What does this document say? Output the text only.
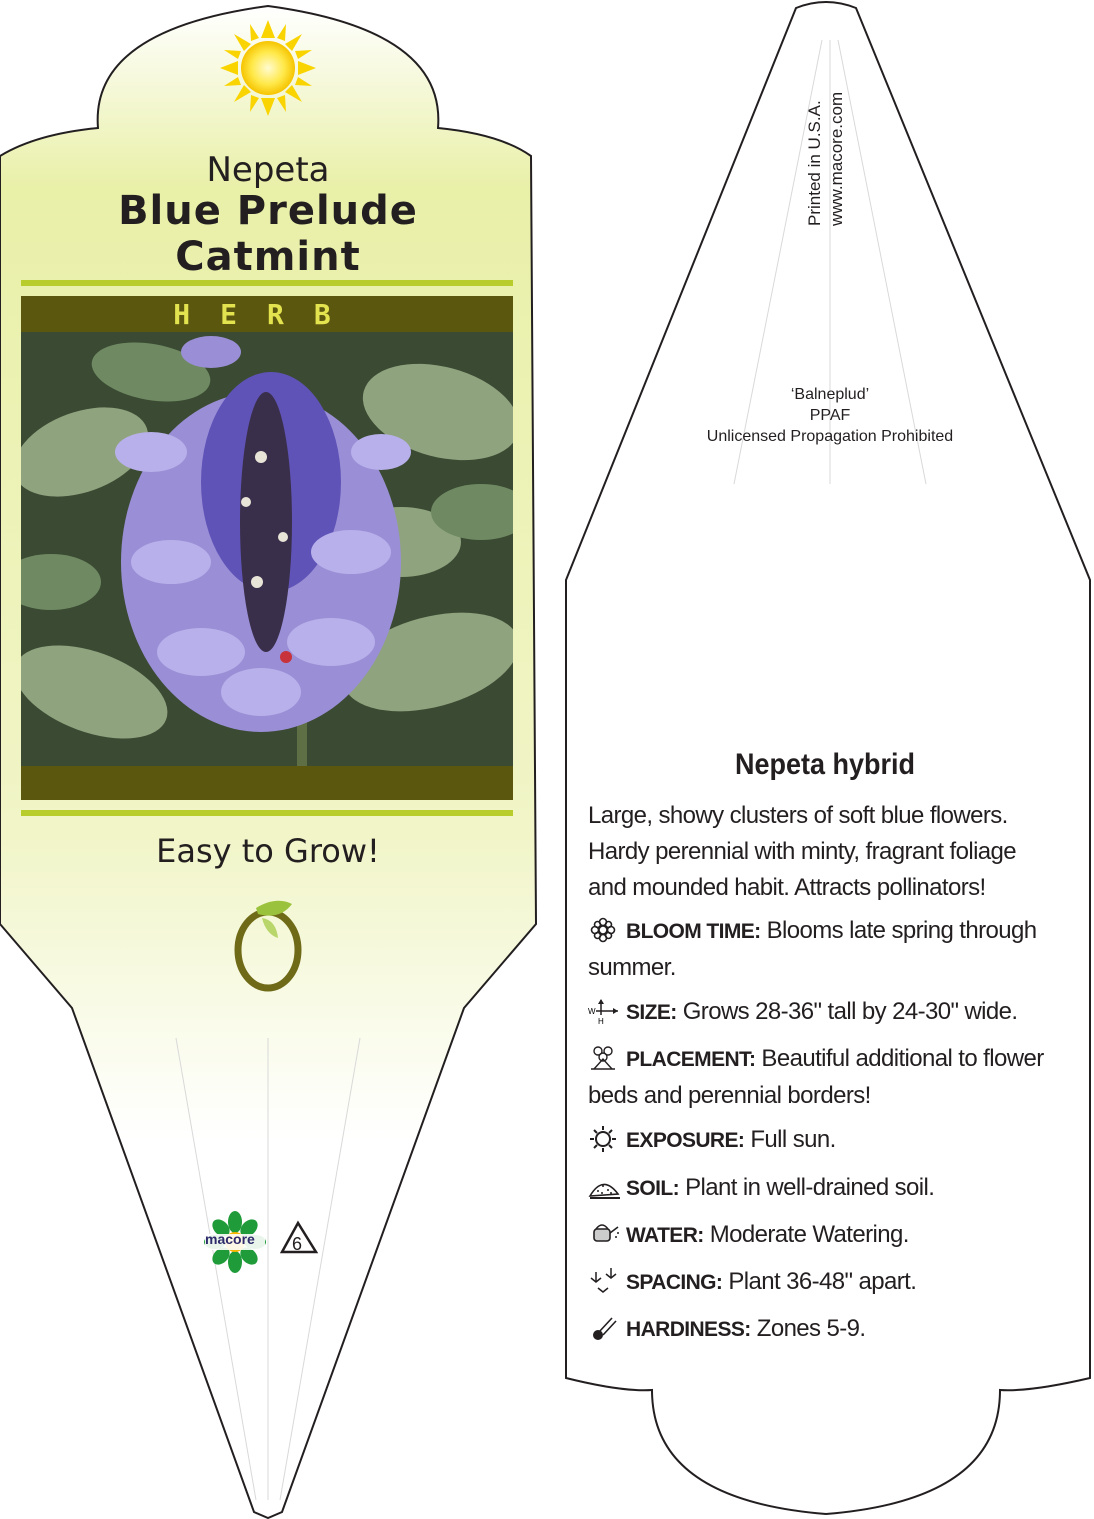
Nepeta
Blue Prelude
Catmint
HERB
Easy to Grow!
macore 6
Printed in U.S.A. www.macore.com
‘Balneplud’
PPAF
Unlicensed Propagation Prohibited
Nepeta hybrid
Large, showy clusters of soft blue flowers. Hardy perennial with minty, fragrant foliage and mounded habit. Attracts pollinators!
BLOOM TIME: Blooms late spring through summer.
W
H SIZE: Grows 28-36" tall by 24-30" wide.
PLACEMENT: Beautiful additional to flower beds and perennial borders!
EXPOSURE: Full sun.
SOIL: Plant in well-drained soil.
WATER: Moderate Watering.
SPACING: Plant 36-48" apart.
HARDINESS: Zones 5-9.
